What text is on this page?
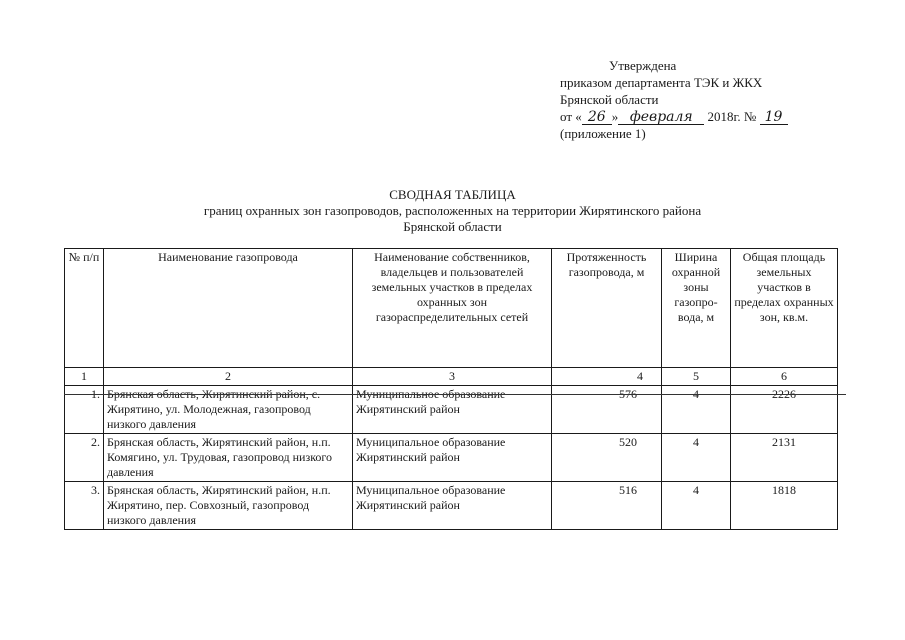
Утверждена
приказом департамента ТЭК и ЖКХ
Брянской области
от « 26 » февраля 2018г. № 19
(приложение 1)
СВОДНАЯ ТАБЛИЦА
границ охранных зон газопроводов, расположенных на территории Жирятинского района
Брянской области
№ п/п	Наименование газопровода	Наименование собственников, владельцев и пользователей земельных участков в пределах охранных зон газораспределительных сетей	Протяженность газопровода, м	Ширина охранной зоны газопро-вода, м	Общая площадь земельных участков в пределах охранных зон, кв.м.
1	2	3	4	5	6
1.	Брянская область, Жирятинский район, с. Жирятино, ул. Молодежная, газопровод низкого давления	Муниципальное образование Жирятинский район	576	4	2226
2.	Брянская область, Жирятинский район, н.п. Комягино, ул. Трудовая, газопровод низкого давления	Муниципальное образование Жирятинский район	520	4	2131
3.	Брянская область, Жирятинский район, н.п. Жирятино, пер. Совхозный, газопровод низкого давления	Муниципальное образование Жирятинский район	516	4	1818
